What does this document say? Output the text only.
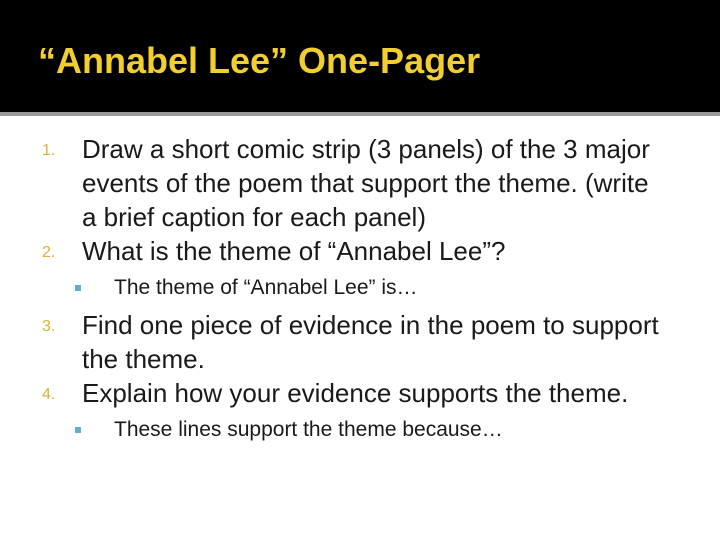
“Annabel Lee” One-Pager
1. Draw a short comic strip (3 panels) of the 3 major events of the poem that support the theme. (write a brief caption for each panel)
2. What is the theme of “Annabel Lee”?
The theme of “Annabel Lee” is…
3. Find one piece of evidence in the poem to support the theme.
4. Explain how your evidence supports the theme.
These lines support the theme because…
